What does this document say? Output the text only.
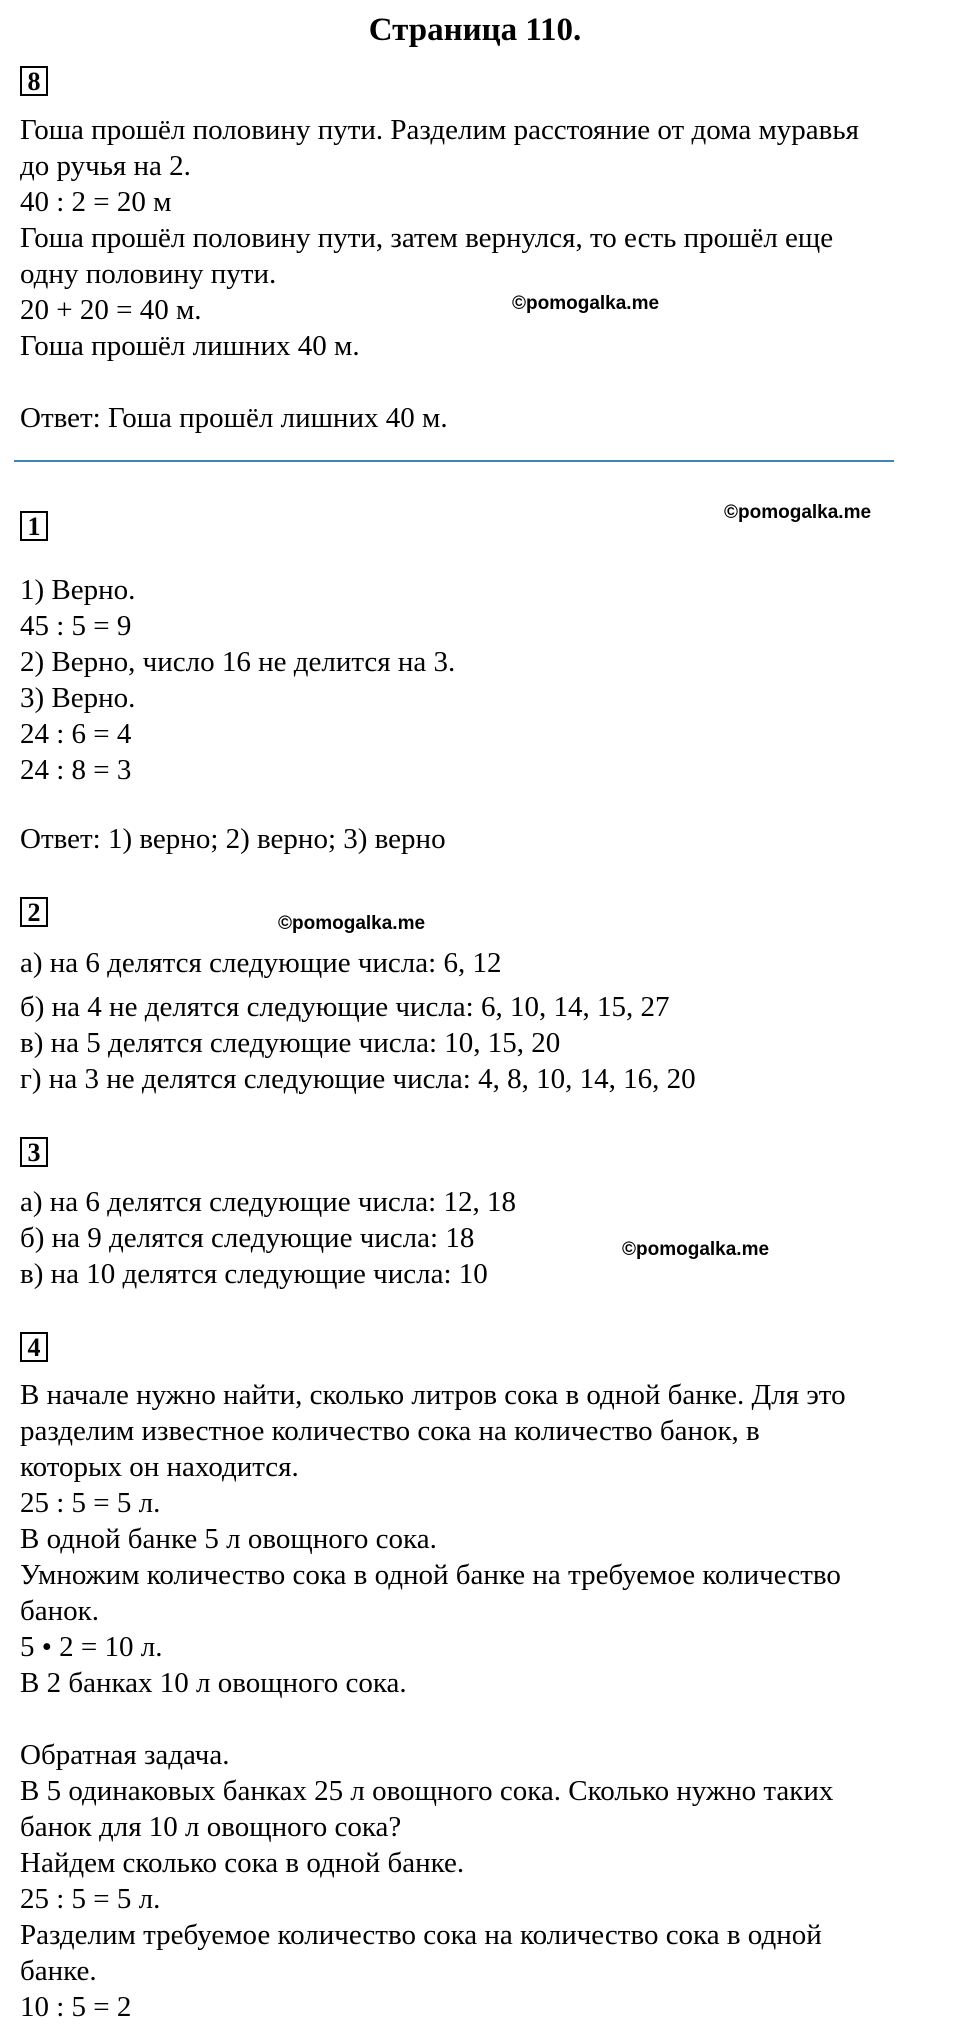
Страница 110.
8
Гоша прошёл половину пути. Разделим расстояние от дома муравья
до ручья на 2.
40 : 2 = 20 м
Гоша прошёл половину пути, затем вернулся, то есть прошёл еще
одну половину пути.
20 + 20 = 40 м.
Гоша прошёл лишних 40 м.
Ответ: Гоша прошёл лишних 40 м.
©pomogalka.me
1	©pomogalka.me
1) Верно.
45 : 5 = 9
2) Верно, число 16 не делится на 3.
3) Верно.
24 : 6 = 4
24 : 8 = 3
Ответ: 1) верно; 2) верно; 3) верно
2	©pomogalka.me
а) на 6 делятся следующие числа: 6, 12
б) на 4 не делятся следующие числа: 6, 10, 14, 15, 27
в) на 5 делятся следующие числа: 10, 15, 20
г) на 3 не делятся следующие числа: 4, 8, 10, 14, 16, 20
3
а) на 6 делятся следующие числа: 12, 18
б) на 9 делятся следующие числа: 18
в) на 10 делятся следующие числа: 10
©pomogalka.me
4
В начале нужно найти, сколько литров сока в одной банке. Для это
разделим известное количество сока на количество банок, в
которых он находится.
25 : 5 = 5 л.
В одной банке 5 л овощного сока.
Умножим количество сока в одной банке на требуемое количество
банок.
5 • 2 = 10 л.
В 2 банках 10 л овощного сока.
Обратная задача.
В 5 одинаковых банках 25 л овощного сока. Сколько нужно таких
банок для 10 л овощного сока?
Найдем сколько сока в одной банке.
25 : 5 = 5 л.
Разделим требуемое количество сока на количество сока в одной
банке.
10 : 5 = 2
